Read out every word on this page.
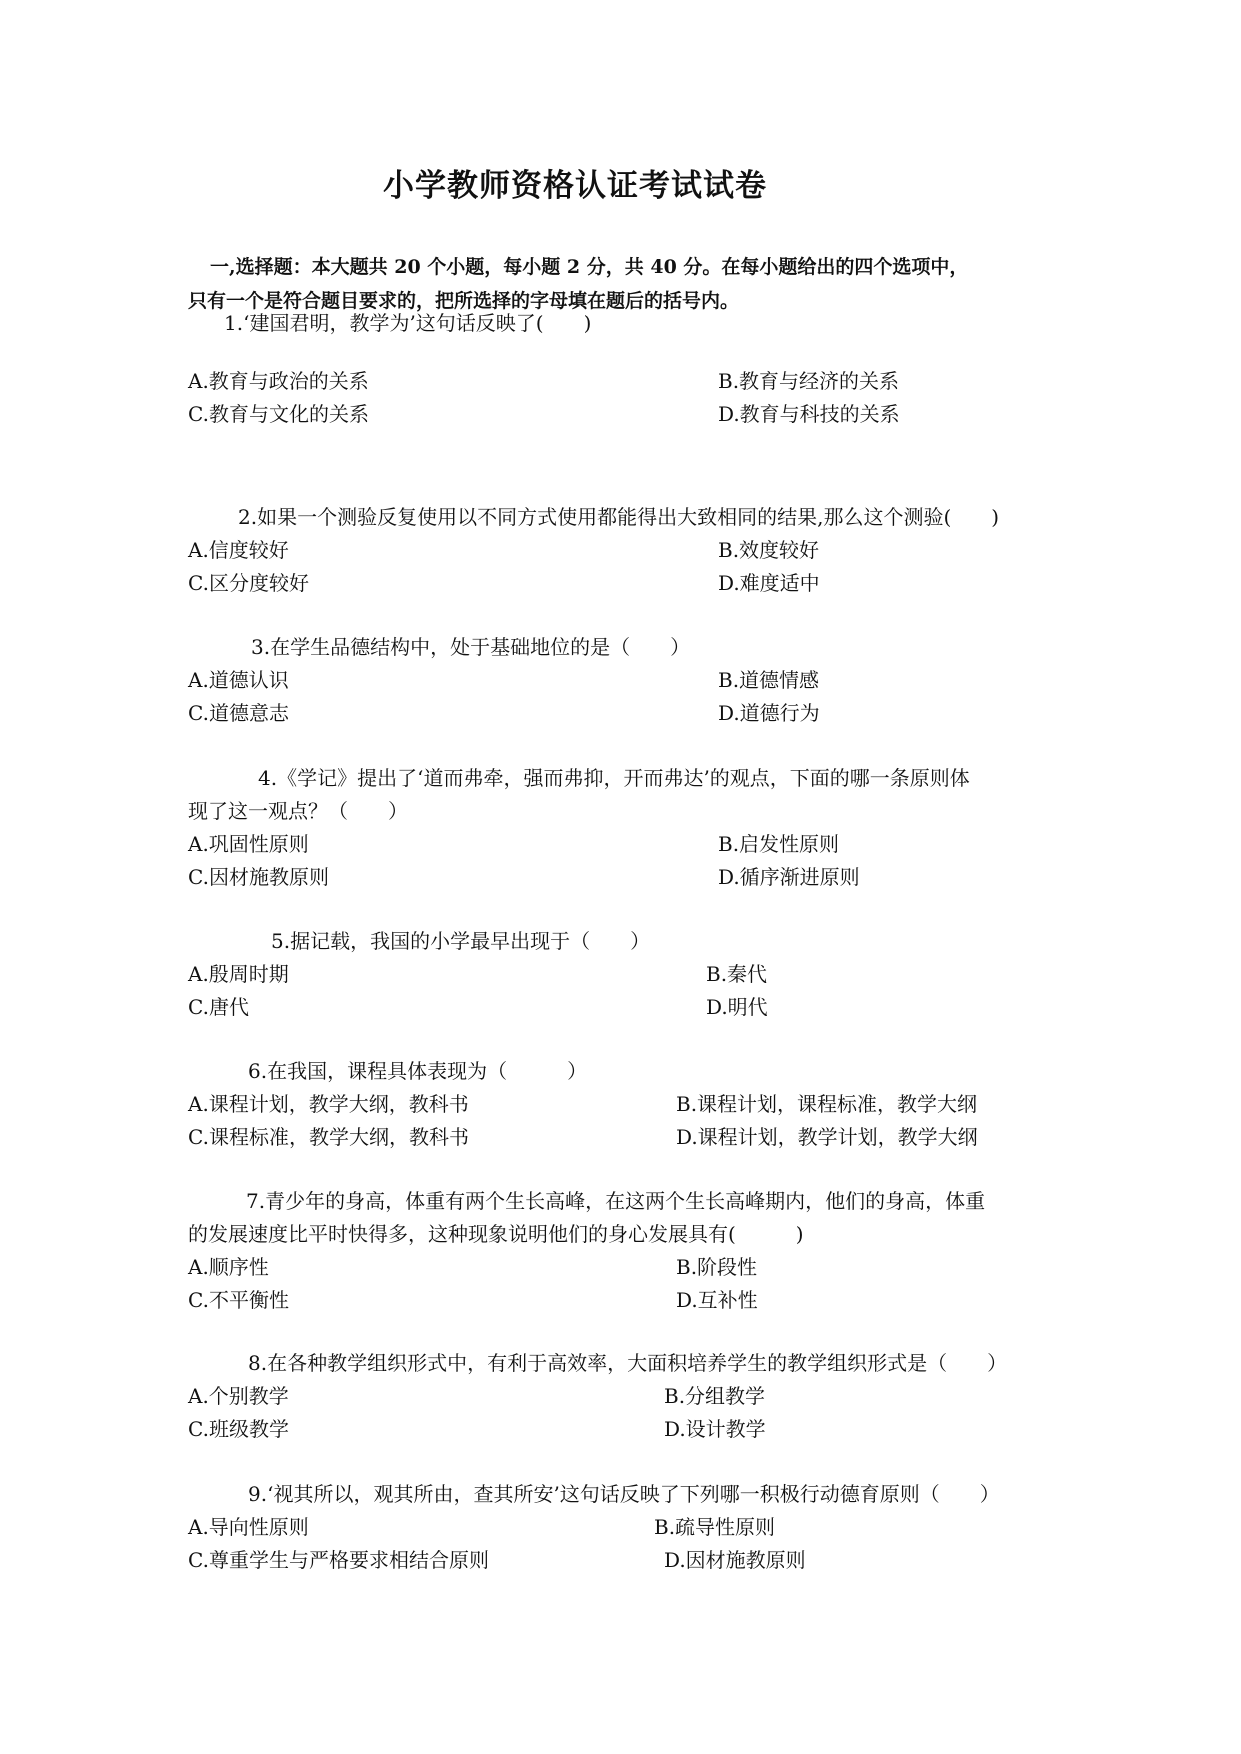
小学教师资格认证考试试卷
一,选择题：本大题共 20 个小题，每小题 2 分，共 40 分。在每小题给出的四个选项中，
只有一个是符合题目要求的，把所选择的字母填在题后的括号内。
1.‘建国君明，教学为’这句话反映了(　　)
A.教育与政治的关系	B.教育与经济的关系
C.教育与文化的关系	D.教育与科技的关系
2.如果一个测验反复使用以不同方式使用都能得出大致相同的结果,那么这个测验(　　)
A.信度较好	B.效度较好
C.区分度较好	D.难度适中
3.在学生品德结构中，处于基础地位的是（　　）
A.道德认识	B.道德情感
C.道德意志	D.道德行为
4.《学记》提出了‘道而弗牵，强而弗抑，开而弗达’的观点，下面的哪一条原则体
现了这一观点？（　　）
A.巩固性原则	B.启发性原则
C.因材施教原则	D.循序渐进原则
5.据记载，我国的小学最早出现于（　　）
A.殷周时期	B.秦代
C.唐代	D.明代
6.在我国，课程具体表现为（　　　）
A.课程计划，教学大纲，教科书	B.课程计划，课程标准，教学大纲
C.课程标准，教学大纲，教科书	D.课程计划，教学计划，教学大纲
7.青少年的身高，体重有两个生长高峰，在这两个生长高峰期内，他们的身高，体重
的发展速度比平时快得多，这种现象说明他们的身心发展具有(　　　)
A.顺序性	B.阶段性
C.不平衡性	D.互补性
8.在各种教学组织形式中，有利于高效率，大面积培养学生的教学组织形式是（　　）
A.个别教学	B.分组教学
C.班级教学	D.设计教学
9.‘视其所以，观其所由，查其所安’这句话反映了下列哪一积极行动德育原则（　　）
A.导向性原则	B.疏导性原则
C.尊重学生与严格要求相结合原则	D.因材施教原则
